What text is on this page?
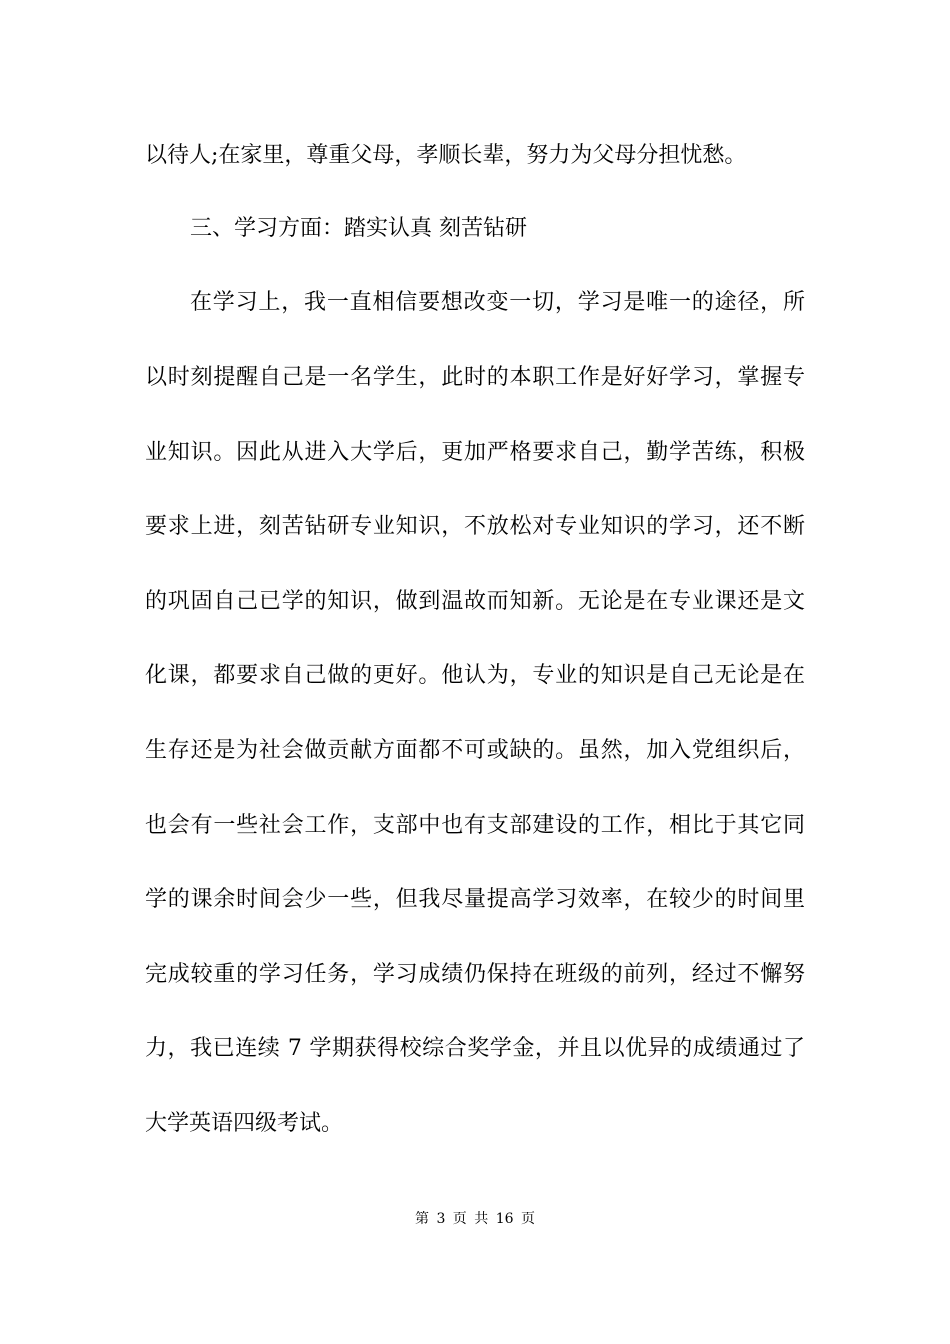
以待人;在家里，尊重父母，孝顺长辈，努力为父母分担忧愁。
三、学习方面：踏实认真 刻苦钻研
在学习上，我一直相信要想改变一切，学习是唯一的途径，所
以时刻提醒自己是一名学生，此时的本职工作是好好学习，掌握专
业知识。因此从进入大学后，更加严格要求自己，勤学苦练，积极
要求上进，刻苦钻研专业知识，不放松对专业知识的学习，还不断
的巩固自己已学的知识，做到温故而知新。无论是在专业课还是文
化课，都要求自己做的更好。他认为，专业的知识是自己无论是在
生存还是为社会做贡献方面都不可或缺的。虽然，加入党组织后，
也会有一些社会工作，支部中也有支部建设的工作，相比于其它同
学的课余时间会少一些，但我尽量提高学习效率，在较少的时间里
完成较重的学习任务，学习成绩仍保持在班级的前列，经过不懈努
力，我已连续 7 学期获得校综合奖学金，并且以优异的成绩通过了
大学英语四级考试。
第 3 页 共 16 页
